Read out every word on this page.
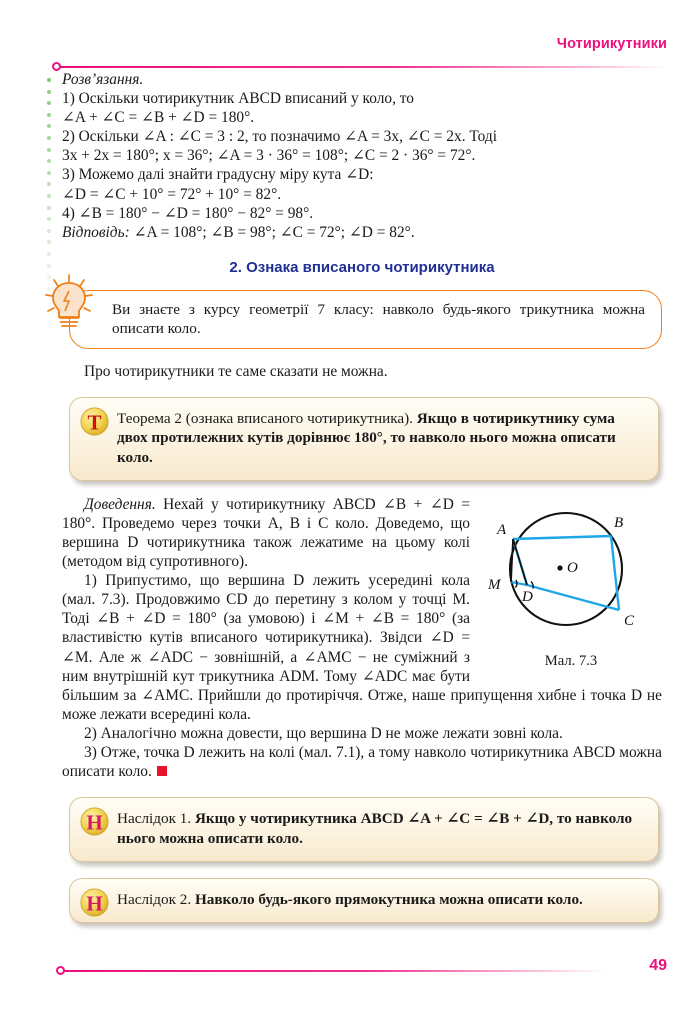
Чотирикутники

Розв’язання.

1) Оскільки чотирикутник ABCD вписаний у коло, то

∠A + ∠C = ∠B + ∠D = 180°.

2) Оскільки ∠A : ∠C = 3 : 2, то позначимо ∠A = 3x, ∠C = 2x. Тоді

3x + 2x = 180°; x = 36°; ∠A = 3 · 36° = 108°; ∠C = 2 · 36° = 72°.

3) Можемо далі знайти градусну міру кута ∠D:

∠D = ∠C + 10° = 72° + 10° = 82°.

4) ∠B = 180° − ∠D = 180° − 82° = 98°.

Відповідь: ∠A = 108°; ∠B = 98°; ∠C = 72°; ∠D = 82°.

2. Ознака вписаного чотирикутника

Ви знаєте з курсу геометрії 7 класу: навколо будь-якого трикутника можна описати коло.

Про чотирикутники те саме сказати не можна.

Т Теорема 2 (ознака вписаного чотирикутника). Якщо в чотирикутнику сума двох протилежних кутів дорівнює 180°, то навколо нього можна описати коло.

A	B
C
D
M
O
Мал. 7.3

Доведення. Нехай у чотирикутнику ABCD ∠B + ∠D = 180°. Проведемо через точки A, B і C коло. Доведемо, що вершина D чотирикутника також лежатиме на цьому колі (методом від супротивного).

1) Припустимо, що вершина D лежить усередині кола (мал. 7.3). Продовжимо CD до перетину з колом у точці M. Тоді ∠B + ∠D = 180° (за умовою) і ∠M + ∠B = 180° (за властивістю кутів вписаного чотирикутника). Звідси ∠D = ∠M. Але ж ∠ADC − зовнішній, а ∠AMC − не суміжний з ним внутрішній кут трикутника ADM. Тому ∠ADC має бути більшим за ∠AMC. Прийшли до протиріччя. Отже, наше припущення хибне і точка D не може лежати всередині кола.

2) Аналогічно можна довести, що вершина D не може лежати зовні кола.

3) Отже, точка D лежить на колі (мал. 7.1), а тому навколо чотирикутника ABCD можна описати коло.

Н Наслідок 1. Якщо у чотирикутника ABCD ∠A + ∠C = ∠B + ∠D, то навколо нього можна описати коло.

Н Наслідок 2. Навколо будь-якого прямокутника можна описати коло.

49
